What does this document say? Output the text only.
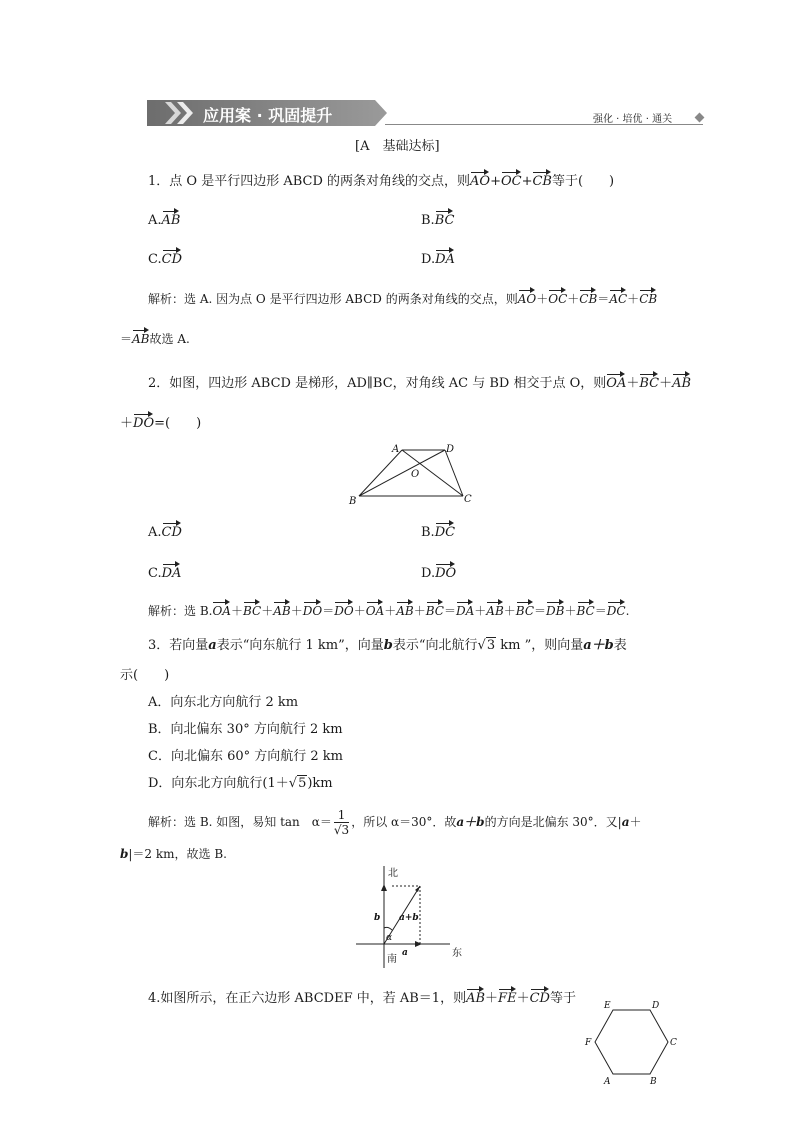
应用案 · 巩固提升	强化 · 培优 · 通关
[A　基础达标]
1．点 O 是平行四边形 ABCD 的两条对角线的交点，则AO+OC+CB等于(　　)
A.AB	B.BC
C.CD	D.DA
解析：选 A. 因为点 O 是平行四边形 ABCD 的两条对角线的交点，则AO＋OC＋CB＝AC＋CB
＝AB故选 A.
2．如图，四边形 ABCD 是梯形，AD∥BC，对角线 AC 与 BD 相交于点 O，则OA＋BC＋AB
＋DO=(　　)
A	D
O
B	C
A.CD	B.DC
C.DA	D.DO
解析：选 B.OA＋BC＋AB＋DO＝DO＋OA＋AB＋BC＝DA＋AB＋BC＝DB＋BC＝DC.
3．若向量a表示“向东航行 1 km”，向量b表示“向北航行√3 km ”，则向量a＋b表
示(　　)
A．向东北方向航行 2 km
B．向北偏东 30° 方向航行 2 km
C．向北偏东 60° 方向航行 2 km
D．向东北方向航行(1＋√5)km
解析：选 B. 如图，易知 tan　$\alpha= \frac{1}{√3}$ ，所以 α＝30°．故a＋b的方向是北偏东 30°．又|a＋
b|＝2 km，故选 B.
北
南
东
b
a
a+b
α
4.如图所示，在正六边形 ABCDEF 中，若 AB＝1，则AB＋FE＋CD等于	E	D
C
F
A	B
